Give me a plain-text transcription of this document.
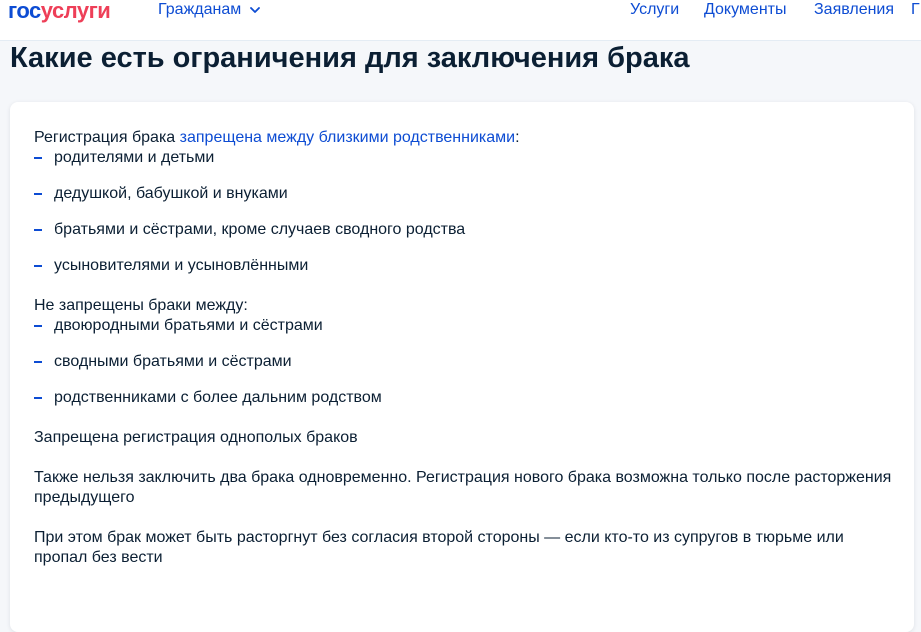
госуслуги	Гражданам	Услуги Документы Заявления Г
Какие есть ограничения для заключения брака

Регистрация брака запрещена между близкими родственниками:

родителями и детьми
дедушкой, бабушкой и внуками
братьями и сёстрами, кроме случаев сводного родства
усыновителями и усыновлёнными

Не запрещены браки между:

двоюродными братьями и сёстрами
сводными братьями и сёстрами
родственниками с более дальним родством

Запрещена регистрация однополых браков

Также нельзя заключить два брака одновременно. Регистрация нового брака возможна только после расторжения предыдущего

При этом брак может быть расторгнут без согласия второй стороны — если кто-то из супругов в тюрьме или пропал без вести
